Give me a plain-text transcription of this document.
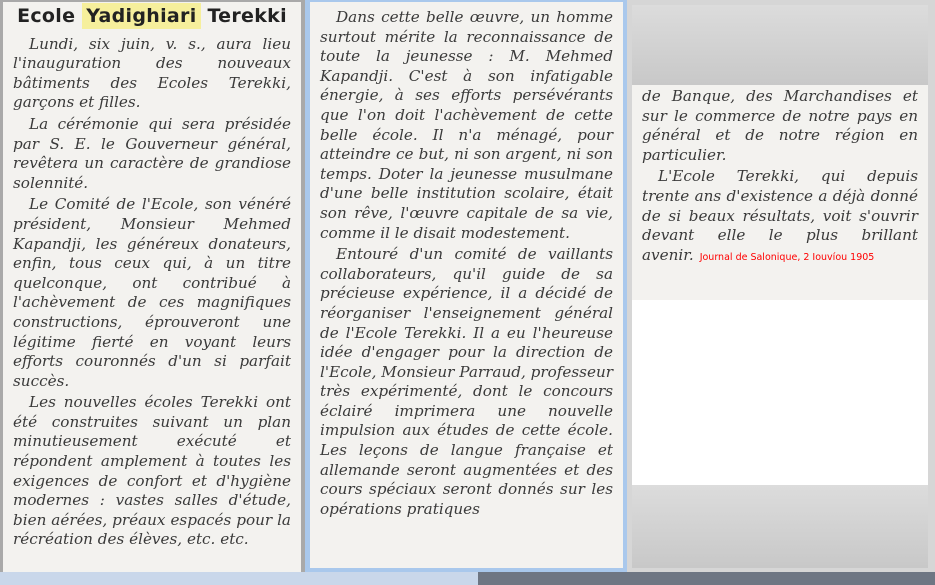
Ecole Yadighiari Terekki

Lundi, six juin, v. s., aura lieu l'inauguration des nouveaux bâtiments des Ecoles Terekki, garçons et filles.

La cérémonie qui sera présidée par S. E. le Gouverneur général, revêtera un caractère de grandiose solennité.

Le Comité de l'Ecole, son vénéré président, Monsieur Mehmed Kapandji, les généreux donateurs, enfin, tous ceux qui, à un titre quelconque, ont contribué à l'achèvement de ces magnifiques constructions, éprouveront une légitime fierté en voyant leurs efforts couronnés d'un si parfait succès.

Les nouvelles écoles Terekki ont été construites suivant un plan minutieusement exécuté et répondent amplement à toutes les exigences de confort et d'hygiène modernes : vastes salles d'étude, bien aérées, préaux espacés pour la récréation des élèves, etc. etc.

Dans cette belle œuvre, un homme surtout mérite la reconnaissance de toute la jeunesse : M. Mehmed Kapandji. C'est à son infatigable énergie, à ses efforts persévérants que l'on doit l'achèvement de cette belle école. Il n'a ménagé, pour atteindre ce but, ni son argent, ni son temps. Doter la jeunesse musulmane d'une belle institution scolaire, était son rêve, l'œuvre capitale de sa vie, comme il le disait modestement.

Entouré d'un comité de vaillants collaborateurs, qu'il guide de sa précieuse expérience, il a décidé de réorganiser l'enseignement général de l'Ecole Terekki. Il a eu l'heureuse idée d'engager pour la direction de l'Ecole, Monsieur Parraud, professeur très expérimenté, dont le concours éclairé imprimera une nouvelle impulsion aux études de cette école. Les leçons de langue française et allemande seront augmentées et des cours spéciaux seront donnés sur les opérations pratiques

de Banque, des Marchandises et sur le commerce de notre pays en général et de notre région en particulier.

L'Ecole Terekki, qui depuis trente ans d'existence a déjà donné de si beaux résultats, voit s'ouvrir devant elle le plus brillant avenir. Journal de Salonique, 2 Iouvíou 1905
